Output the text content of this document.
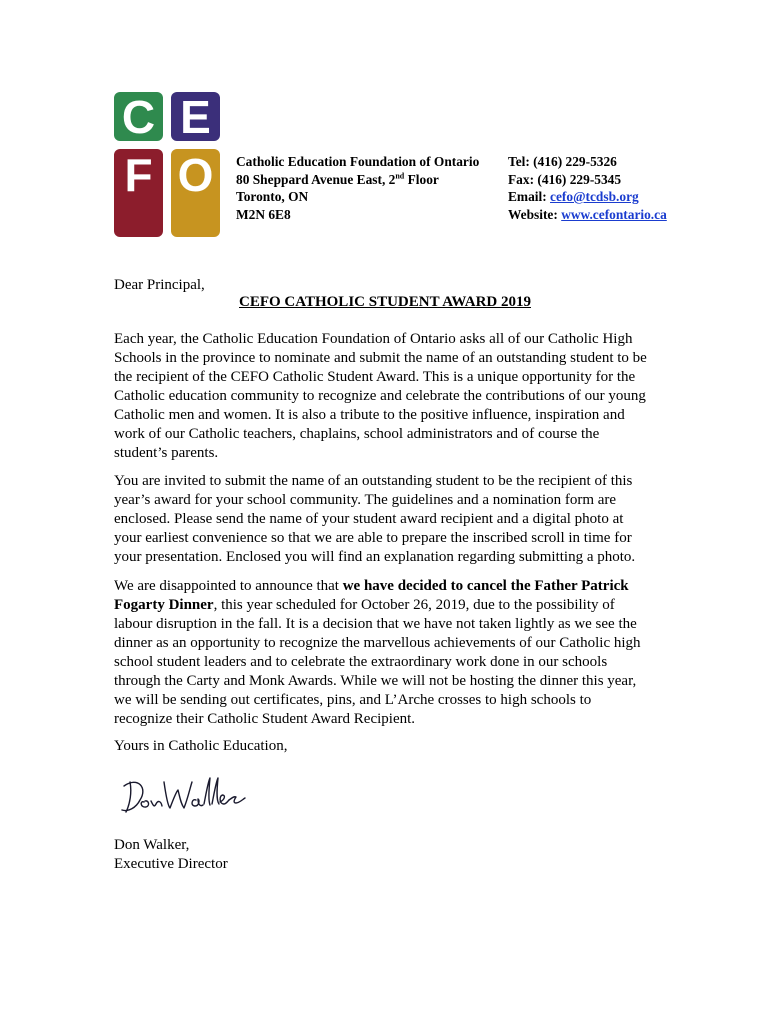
C E
F O Catholic Education Foundation of Ontario
80 Sheppard Avenue East, 2nd Floor
Toronto, ON
M2N 6E8
Tel: (416) 229-5326
Fax: (416) 229-5345
Email: cefo@tcdsb.org
Website: www.cefontario.ca
Dear Principal,
CEFO CATHOLIC STUDENT AWARD 2019
Each year, the Catholic Education Foundation of Ontario asks all of our Catholic High
Schools in the province to nominate and submit the name of an outstanding student to be
the recipient of the CEFO Catholic Student Award. This is a unique opportunity for the
Catholic education community to recognize and celebrate the contributions of our young
Catholic men and women. It is also a tribute to the positive influence, inspiration and
work of our Catholic teachers, chaplains, school administrators and of course the
student’s parents.
You are invited to submit the name of an outstanding student to be the recipient of this
year’s award for your school community. The guidelines and a nomination form are
enclosed. Please send the name of your student award recipient and a digital photo at
your earliest convenience so that we are able to prepare the inscribed scroll in time for
your presentation. Enclosed you will find an explanation regarding submitting a photo.
We are disappointed to announce that we have decided to cancel the Father Patrick
Fogarty Dinner, this year scheduled for October 26, 2019, due to the possibility of
labour disruption in the fall. It is a decision that we have not taken lightly as we see the
dinner as an opportunity to recognize the marvellous achievements of our Catholic high
school student leaders and to celebrate the extraordinary work done in our schools
through the Carty and Monk Awards. While we will not be hosting the dinner this year,
we will be sending out certificates, pins, and L’Arche crosses to high schools to
recognize their Catholic Student Award Recipient.
Yours in Catholic Education,
Don Walker,
Executive Director
